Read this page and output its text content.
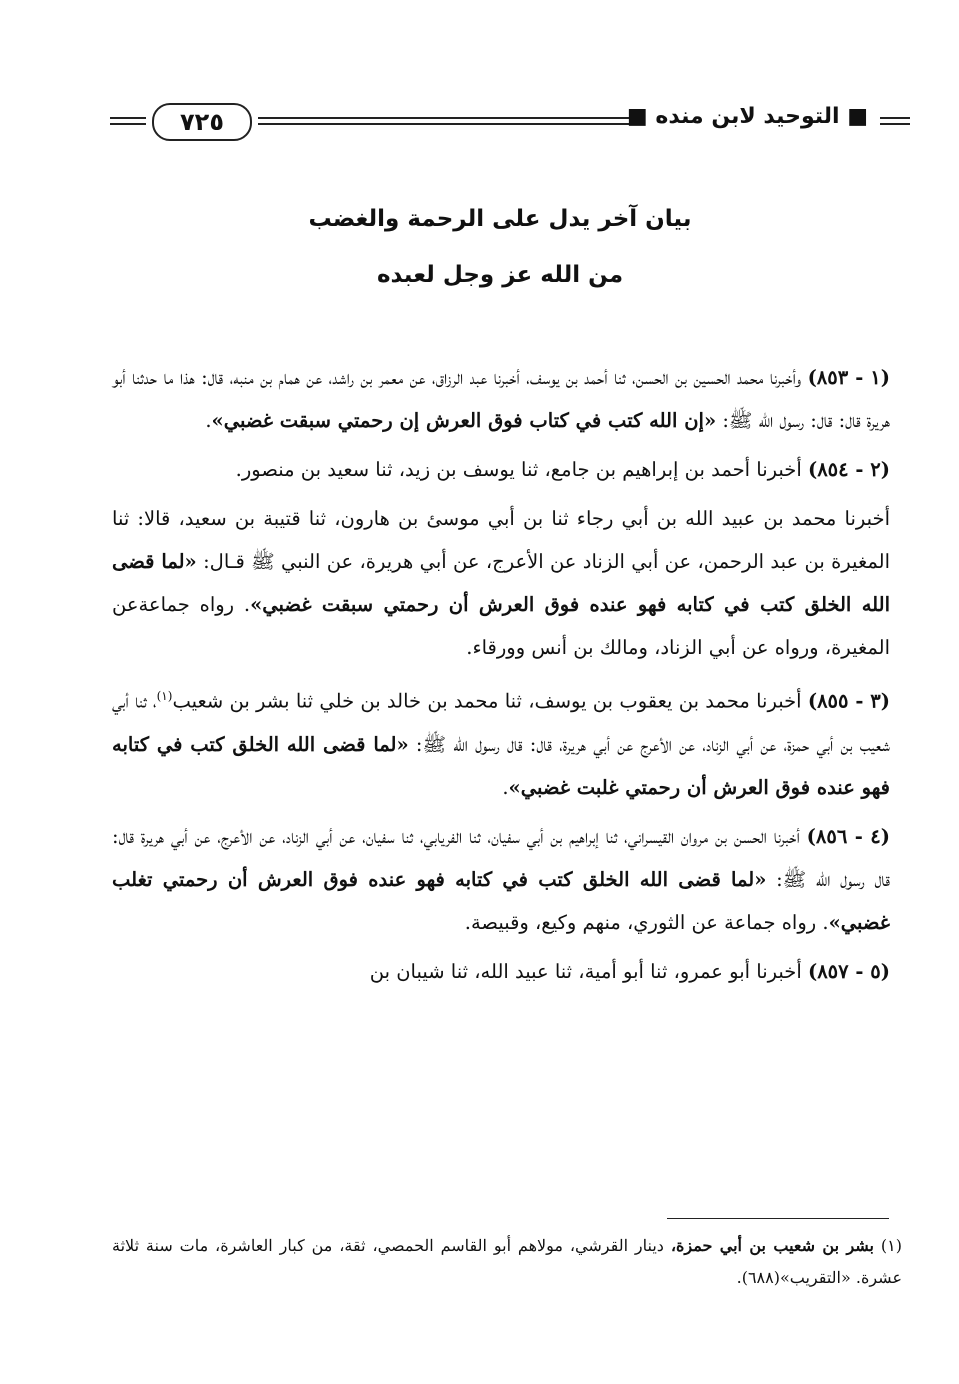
٧٢٥	■ التوحيد لابن منده ■
بيان آخر يدل على الرحمة والغضب
من الله عز وجل لعبده

(١ - ٨٥٣) وأخبرنا محمد الحسين بن الحسن، ثنا أحمد بن يوسف، أخبرنا عبد الرزاق، عن معمر بن راشد، عن همام بن منبه، قال: هذا ما حدثنا أبو هريرة قال: قال: رسول الله ﷺ: «إن الله كتب في كتاب فوق العرش إن رحمتي سبقت غضبي».

(٢ - ٨٥٤) أخبرنا أحمد بن إبراهيم بن جامع، ثنا يوسف بن زيد، ثنا سعيد بن منصور.

أخبرنا محمد بن عبيد الله بن أبي رجاء ثنا بن أبي موسئ بن هارون، ثنا قتيبة بن سعيد، قالا: ثنا المغيرة بن عبد الرحمن، عن أبي الزناد عن الأعرج، عن أبي هريرة، عن النبي ﷺ قـال: «لما قضى الله الخلق كتب في كتابه فهو عنده فوق العرش أن رحمتي سبقت غضبي». رواه جماعةعن المغيرة، ورواه عن أبي الزناد، ومالك بن أنس وورقاء.

(٣ - ٨٥٥) أخبرنا محمد بن يعقوب بن يوسف، ثنا محمد بن خالد بن خلي ثنا بشر بن شعيب$^{(١)}$، ثنا أبي شعيب بن أبي حمزة، عن أبي الزناد، عن الأعرج عن أبي هريرة، قال: قال رسول الله ﷺ: «لما قضى الله الخلق كتب في كتابه فهو عنده فوق العرش أن رحمتي غلبت غضبي».

(٤ - ٨٥٦) أخبرنا الحسن بن مروان القيسراني، ثنا إبراهيم بن أبي سفيان، ثنا الفريابي، ثنا سفيان، عن أبي الزناد، عن الأعرج، عن أبي هريرة قال: قال رسول الله ﷺ: «لما قضى الله الخلق كتب في كتابه فهو عنده فوق العرش أن رحمتي تغلب غضبي». رواه جماعة عن الثوري، منهم وكيع، وقبيصة.

(٥ - ٨٥٧) أخبرنا أبو عمرو، ثنا أبو أمية، ثنا عبيد الله، ثنا شيبان بن

(١) بشر بن شعيب بن أبي حمزة، دينار القرشي، مولاهم أبو القاسم الحمصي، ثقة، من كبار العاشرة، مات سنة ثلاثة عشرة. «التقريب»(٦٨٨).
